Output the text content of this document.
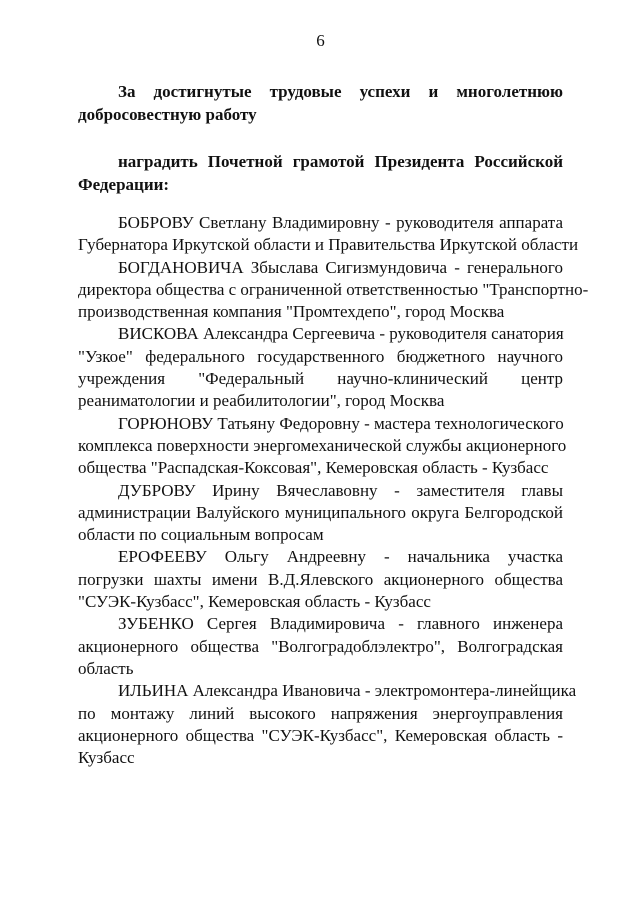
6
За достигнутые трудовые успехи и многолетнюю
добросовестную работу
наградить Почетной грамотой Президента Российской
Федерации:
БОБРОВУ Светлану Владимировну - руководителя аппарата
Губернатора Иркутской области и Правительства Иркутской области
БОГДАНОВИЧА Збыслава Сигизмундовича - генерального
директора общества с ограниченной ответственностью "Транспортно-
производственная компания "Промтехдепо", город Москва
ВИСКОВА Александра Сергеевича - руководителя санатория
"Узкое" федерального государственного бюджетного научного
учреждения "Федеральный научно-клинический центр
реаниматологии и реабилитологии", город Москва
ГОРЮНОВУ Татьяну Федоровну - мастера технологического
комплекса поверхности энергомеханической службы акционерного
общества "Распадская-Коксовая", Кемеровская область - Кузбасс
ДУБРОВУ Ирину Вячеславовну - заместителя главы
администрации Валуйского муниципального округа Белгородской
области по социальным вопросам
ЕРОФЕЕВУ Ольгу Андреевну - начальника участка
погрузки шахты имени В.Д.Ялевского акционерного общества
"СУЭК-Кузбасс", Кемеровская область - Кузбасс
ЗУБЕНКО Сергея Владимировича - главного инженера
акционерного общества "Волгоградоблэлектро", Волгоградская
область
ИЛЬИНА Александра Ивановича - электромонтера-линейщика
по монтажу линий высокого напряжения энергоуправления
акционерного общества "СУЭК-Кузбасс", Кемеровская область -
Кузбасс
